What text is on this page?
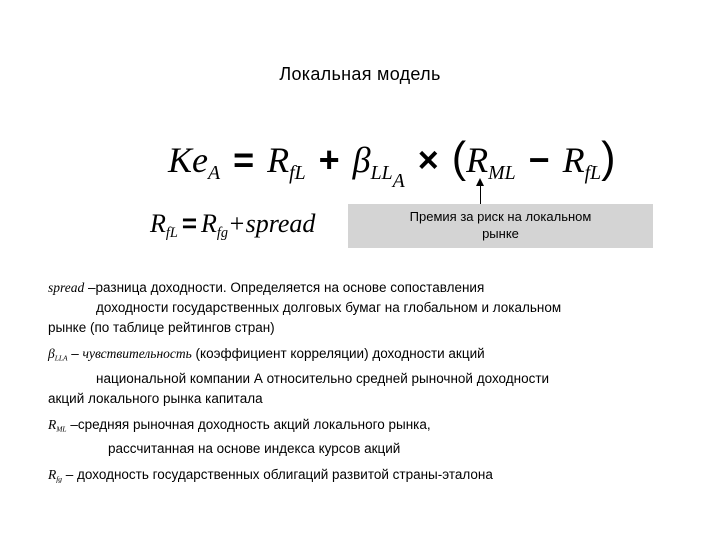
Локальная модель
$Ke_A = R_{fL} + \beta_{LLA} \times (R_{ML} - R_{fL})$
$R_{fL}$ = $R_{fg}+spread$	Премия за риск на локальном
рынке
spread –разница доходности. Определяется на основе сопоставления
доходности государственных долговых бумаг на глобальном и локальном
рынке (по таблице рейтингов стран)
$\beta_{LLA}$ – чувствительность (коэффициент корреляции) доходности акций
национальной компании А относительно средней рыночной доходности
акций локального рынка капитала
$R_{ML}$ –средняя рыночная доходность акций локального рынка,
рассчитанная на основе индекса курсов акций
$R_{fg}$ – доходность государственных облигаций развитой страны-эталона
